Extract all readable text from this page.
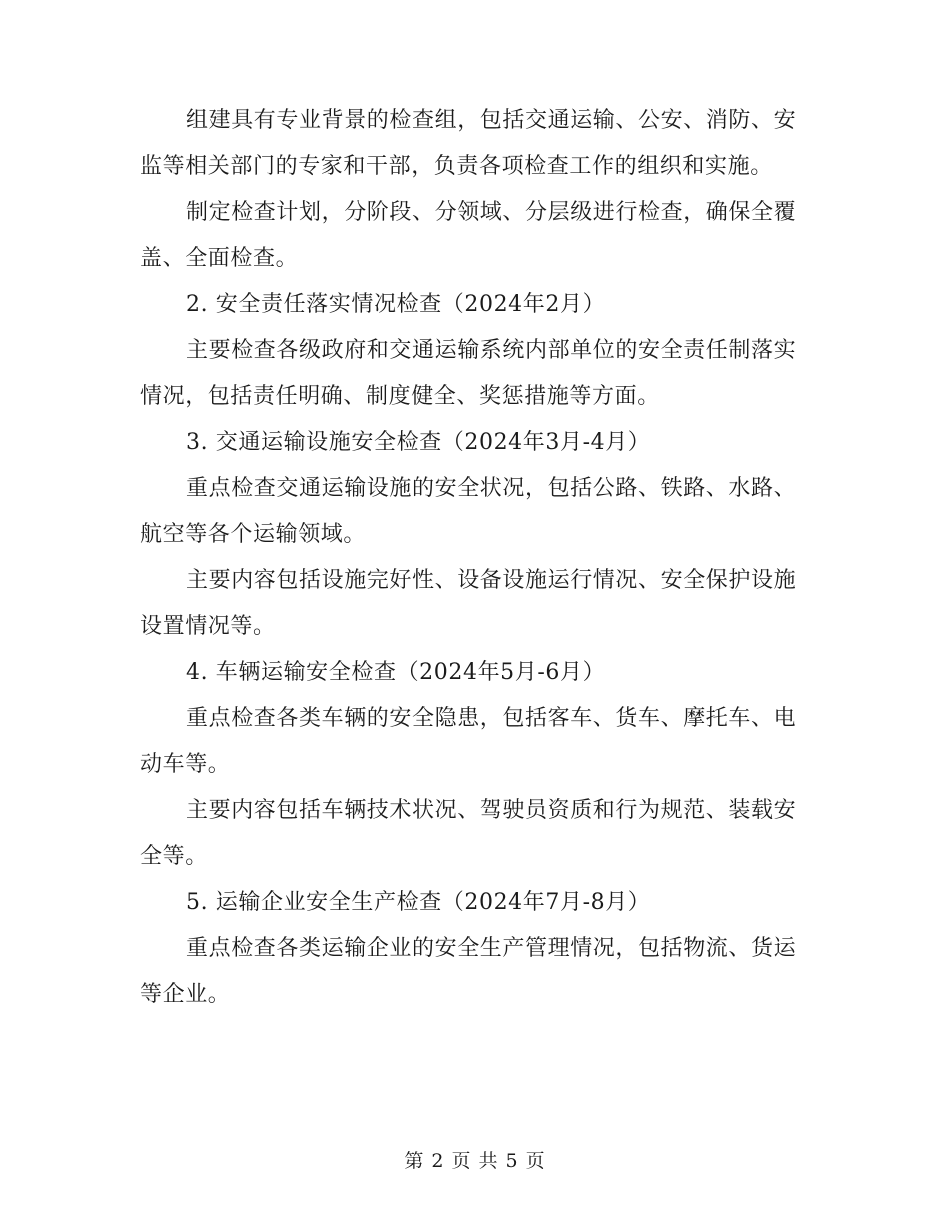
组建具有专业背景的检查组，包括交通运输、公安、消防、安监等相关部门的专家和干部，负责各项检查工作的组织和实施。

制定检查计划，分阶段、分领域、分层级进行检查，确保全覆盖、全面检查。

2. 安全责任落实情况检查（2024年2月）

主要检查各级政府和交通运输系统内部单位的安全责任制落实情况，包括责任明确、制度健全、奖惩措施等方面。

3. 交通运输设施安全检查（2024年3月-4月）

重点检查交通运输设施的安全状况，包括公路、铁路、水路、航空等各个运输领域。

主要内容包括设施完好性、设备设施运行情况、安全保护设施设置情况等。

4. 车辆运输安全检查（2024年5月-6月）

重点检查各类车辆的安全隐患，包括客车、货车、摩托车、电动车等。

主要内容包括车辆技术状况、驾驶员资质和行为规范、装载安全等。

5. 运输企业安全生产检查（2024年7月-8月）

重点检查各类运输企业的安全生产管理情况，包括物流、货运等企业。

第 2 页 共 5 页
